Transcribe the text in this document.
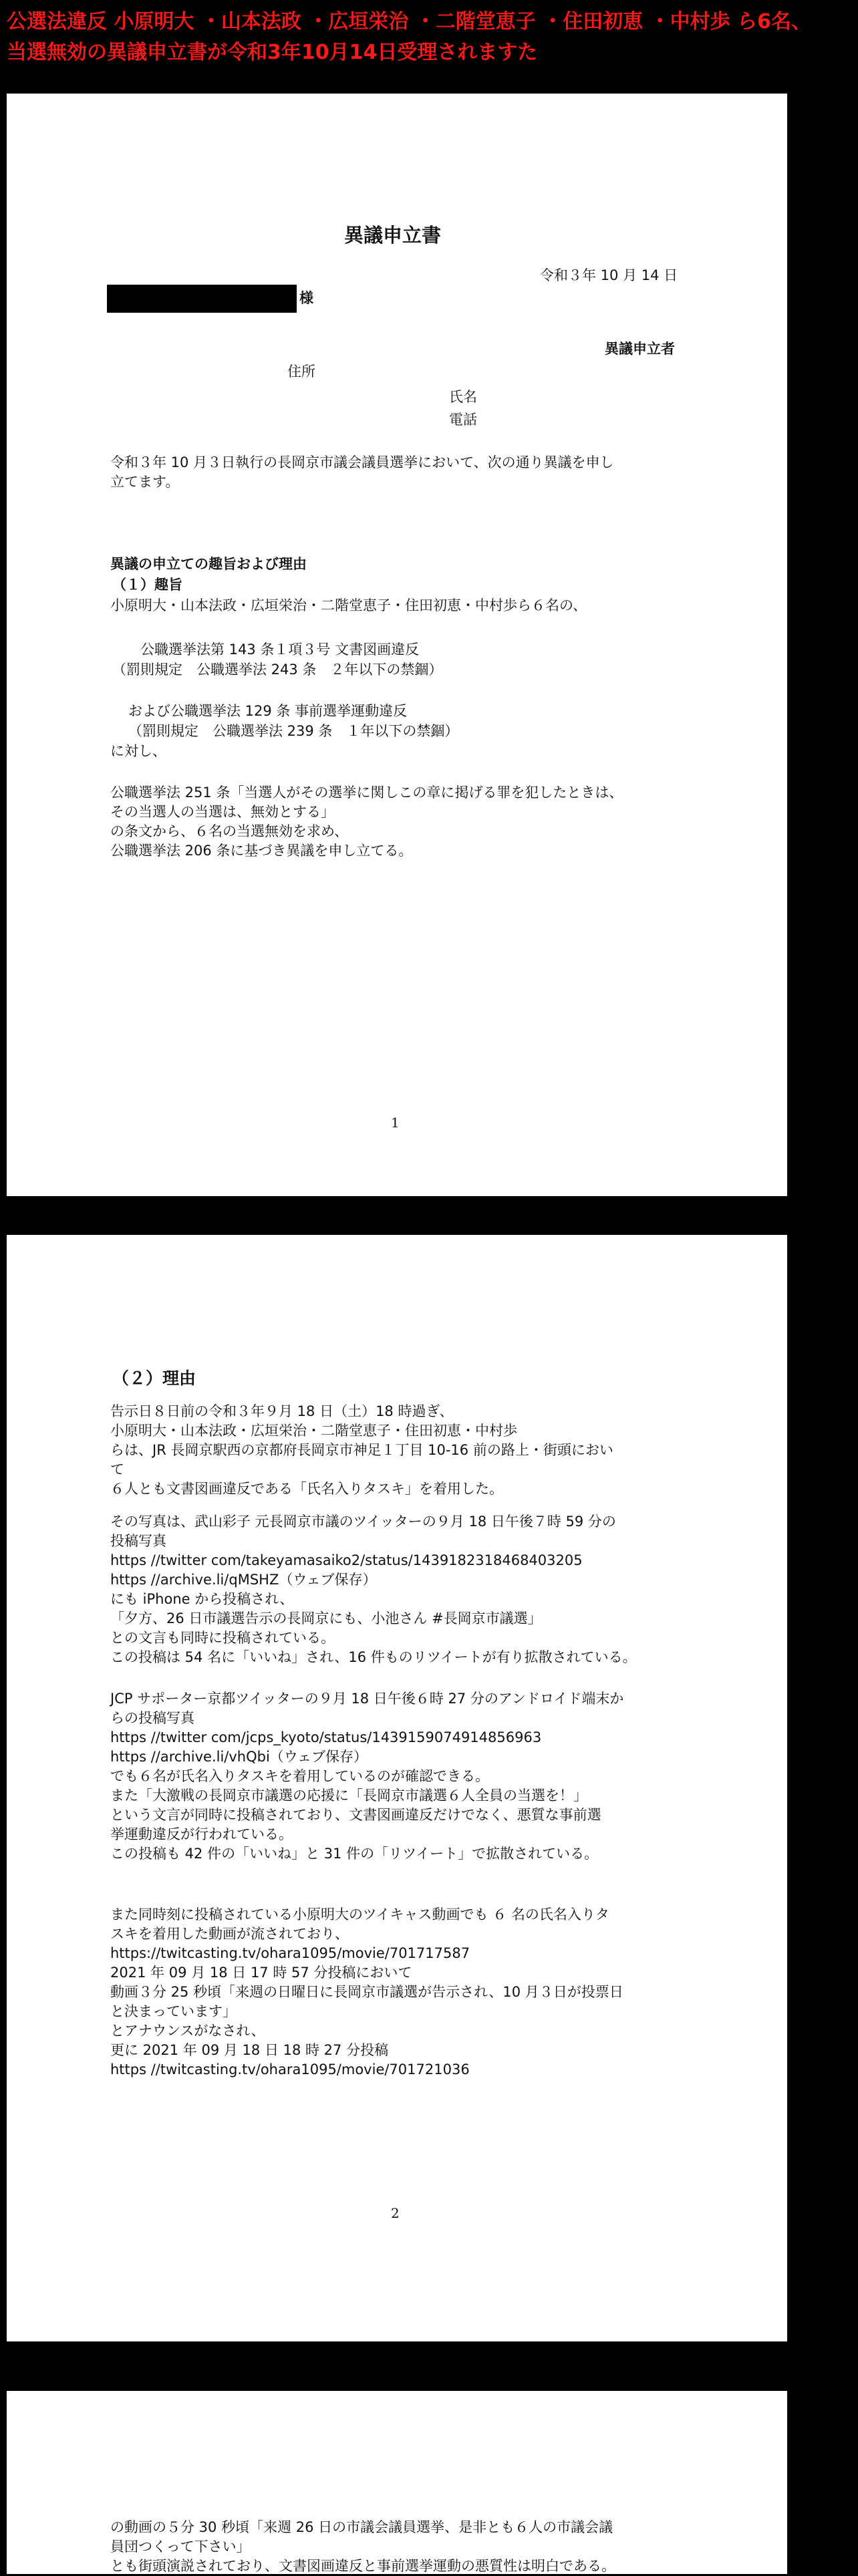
公選法違反 小原明大 ・山本法政 ・広垣栄治 ・二階堂恵子 ・住田初恵 ・中村歩 ら6名、
当選無効の異議申立書が令和3年10月14日受理されますた
異議申立書
令和３年 10 月 14 日
様
異議申立者
住所
氏名
電話
令和３年 10 月３日執行の長岡京市議会議員選挙において、次の通り異議を申し
立てます。
異議の申立ての趣旨および理由
（１）趣旨
小原明大・山本法政・広垣栄治・二階堂恵子・住田初恵・中村歩ら６名の、
公職選挙法第 143 条１項３号 文書図画違反
（罰則規定　公職選挙法 243 条　２年以下の禁錮）
および公職選挙法 129 条 事前選挙運動違反
（罰則規定　公職選挙法 239 条　１年以下の禁錮）
に対し、
公職選挙法 251 条「当選人がその選挙に関しこの章に掲げる罪を犯したときは、
その当選人の当選は、無効とする」
の条文から、６名の当選無効を求め、
公職選挙法 206 条に基づき異議を申し立てる。
1
（２）理由
告示日８日前の令和３年９月 18 日（土）18 時過ぎ、
小原明大・山本法政・広垣栄治・二階堂恵子・住田初恵・中村歩
らは、JR 長岡京駅西の京都府長岡京市神足１丁目 10-16 前の路上・街頭におい
て
６人とも文書図画違反である「氏名入りタスキ」を着用した。
その写真は、武山彩子 元長岡京市議のツイッターの９月 18 日午後７時 59 分の
投稿写真
https //twitter com/takeyamasaiko2/status/1439182318468403205
https //archive.li/qMSHZ（ウェブ保存）
にも iPhone から投稿され、
「夕方、26 日市議選告示の長岡京にも、小池さん #長岡京市議選」
との文言も同時に投稿されている。
この投稿は 54 名に「いいね」され、16 件ものリツイートが有り拡散されている。
JCP サポーター京都ツイッターの９月 18 日午後６時 27 分のアンドロイド端末か
らの投稿写真
https //twitter com/jcps_kyoto/status/1439159074914856963
https //archive.li/vhQbi（ウェブ保存）
でも６名が氏名入りタスキを着用しているのが確認できる。
また「大激戦の長岡京市議選の応援に「長岡京市議選６人全員の当選を！」
という文言が同時に投稿されており、文書図画違反だけでなく、悪質な事前選
挙運動違反が行われている。
この投稿も 42 件の「いいね」と 31 件の「リツイート」で拡散されている。
また同時刻に投稿されている小原明大のツイキャス動画でも ６ 名の氏名入りタ
スキを着用した動画が流されており、
https://twitcasting.tv/ohara1095/movie/701717587
2021 年 09 月 18 日 17 時 57 分投稿において
動画３分 25 秒頃「来週の日曜日に長岡京市議選が告示され、10 月３日が投票日
と決まっています」
とアナウンスがなされ、
更に 2021 年 09 月 18 日 18 時 27 分投稿
https //twitcasting.tv/ohara1095/movie/701721036
2
の動画の５分 30 秒頃「来週 26 日の市議会議員選挙、是非とも６人の市議会議
員団つくって下さい」
とも街頭演説されており、文書図画違反と事前選挙運動の悪質性は明白である。
